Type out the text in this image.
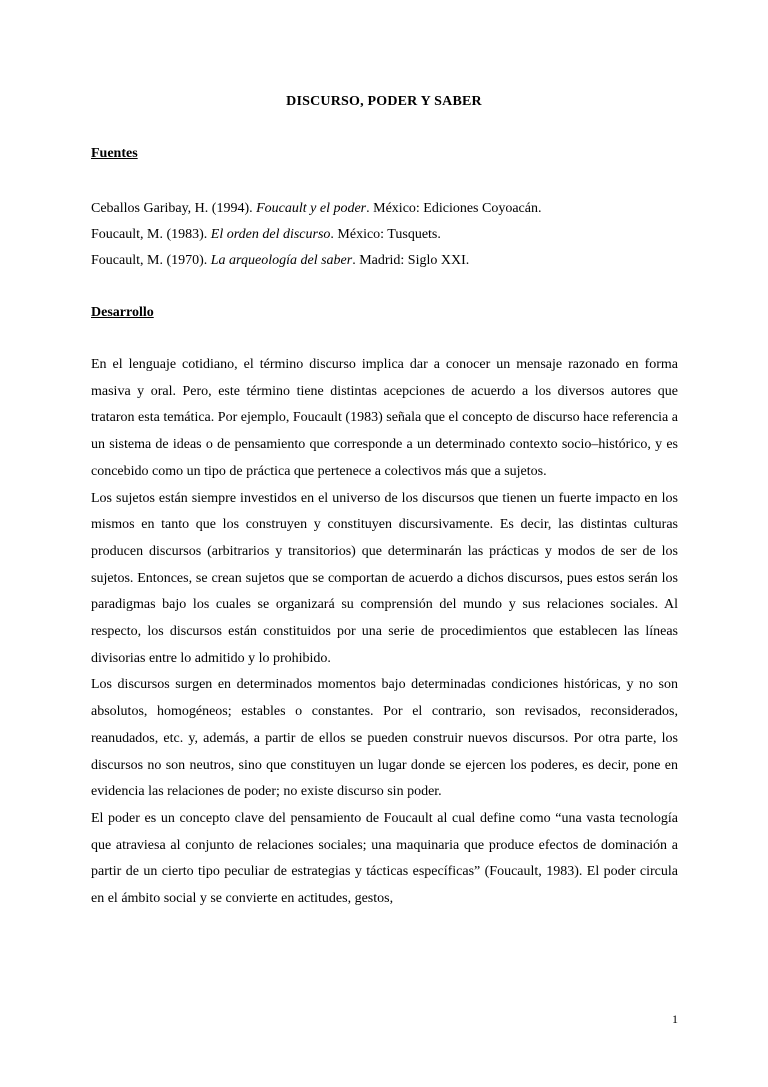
DISCURSO, PODER Y SABER
Fuentes
Ceballos Garibay, H. (1994). Foucault y el poder. México: Ediciones Coyoacán.
Foucault, M. (1983). El orden del discurso. México: Tusquets.
Foucault, M. (1970). La arqueología del saber. Madrid: Siglo XXI.
Desarrollo

En el lenguaje cotidiano, el término discurso implica dar a conocer un mensaje razonado en forma masiva y oral. Pero, este término tiene distintas acepciones de acuerdo a los diversos autores que trataron esta temática. Por ejemplo, Foucault (1983) señala que el concepto de discurso hace referencia a un sistema de ideas o de pensamiento que corresponde a un determinado contexto socio–histórico, y es concebido como un tipo de práctica que pertenece a colectivos más que a sujetos.

Los sujetos están siempre investidos en el universo de los discursos que tienen un fuerte impacto en los mismos en tanto que los construyen y constituyen discursivamente. Es decir, las distintas culturas producen discursos (arbitrarios y transitorios) que determinarán las prácticas y modos de ser de los sujetos. Entonces, se crean sujetos que se comportan de acuerdo a dichos discursos, pues estos serán los paradigmas bajo los cuales se organizará su comprensión del mundo y sus relaciones sociales. Al respecto, los discursos están constituidos por una serie de procedimientos que establecen las líneas divisorias entre lo admitido y lo prohibido.

Los discursos surgen en determinados momentos bajo determinadas condiciones históricas, y no son absolutos, homogéneos; estables o constantes. Por el contrario, son revisados, reconsiderados, reanudados, etc. y, además, a partir de ellos se pueden construir nuevos discursos. Por otra parte, los discursos no son neutros, sino que constituyen un lugar donde se ejercen los poderes, es decir, pone en evidencia las relaciones de poder; no existe discurso sin poder.

El poder es un concepto clave del pensamiento de Foucault al cual define como “una vasta tecnología que atraviesa al conjunto de relaciones sociales; una maquinaria que produce efectos de dominación a partir de un cierto tipo peculiar de estrategias y tácticas específicas” (Foucault, 1983). El poder circula en el ámbito social y se convierte en actitudes, gestos,

1
